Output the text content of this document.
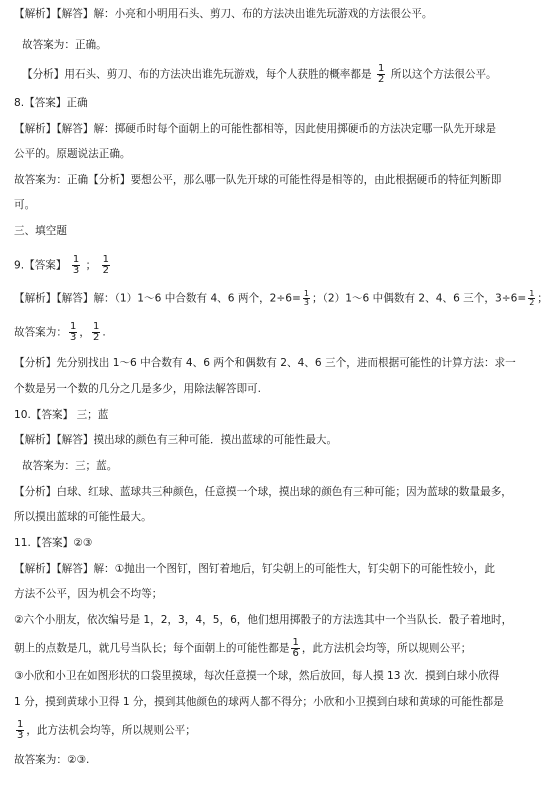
【解析】【解答】解：小亮和小明用石头、剪刀、布的方法决出谁先玩游戏的方法很公平。
故答案为：正确。
【分析】用石头、剪刀、布的方法决出谁先玩游戏，每个人获胜的概率都是 $\frac{1}{2}$ 所以这个方法很公平。
8.【答案】正确
【解析】【解答】解：掷硬币时每个面朝上的可能性都相等，因此使用掷硬币的方法决定哪一队先开球是
公平的。原题说法正确。
故答案为：正确【分析】要想公平，那么哪一队先开球的可能性得是相等的，由此根据硬币的特征判断即
可。
三、填空题
9.【答案】 $\frac{1}{3}$ ； $\frac{1}{2}$
【解析】【解答】解：（1）1～6 中合数有 4、6 两个，$2\div 6= \frac{1}{3}$ ；（2）1～6 中偶数有 2、4、6 三个，$3\div 6= \frac{1}{2}$ ；
故答案为： $\frac{1}{3}$ ， $\frac{1}{2}$ .
【分析】先分别找出 1～6 中合数有 4、6 两个和偶数有 2、4、6 三个，进而根据可能性的计算方法：求一
个数是另一个数的几分之几是多少，用除法解答即可.
10.【答案】 三；蓝
【解析】【解答】摸出球的颜色有三种可能．摸出蓝球的可能性最大。
故答案为：三；蓝。
【分析】白球、红球、蓝球共三种颜色，任意摸一个球，摸出球的颜色有三种可能；因为蓝球的数量最多，
所以摸出蓝球的可能性最大。
11.【答案】②③
【解析】【解答】解：①抛出一个图钉，图钉着地后，钉尖朝上的可能性大，钉尖朝下的可能性较小，此
方法不公平，因为机会不均等；
②六个小朋友，依次编号是 1，2，3，4，5，6，他们想用掷骰子的方法选其中一个当队长．骰子着地时，
朝上的点数是几，就几号当队长；每个面朝上的可能性都是 $\frac{1}{6}$ ，此方法机会均等，所以规则公平；
③小欣和小卫在如图形状的口袋里摸球，每次任意摸一个球，然后放回，每人摸 13 次．摸到白球小欣得
1 分，摸到黄球小卫得 1 分，摸到其他颜色的球两人都不得分；小欣和小卫摸到白球和黄球的可能性都是
$\frac{1}{3}$ ，此方法机会均等，所以规则公平；
故答案为：②③.
